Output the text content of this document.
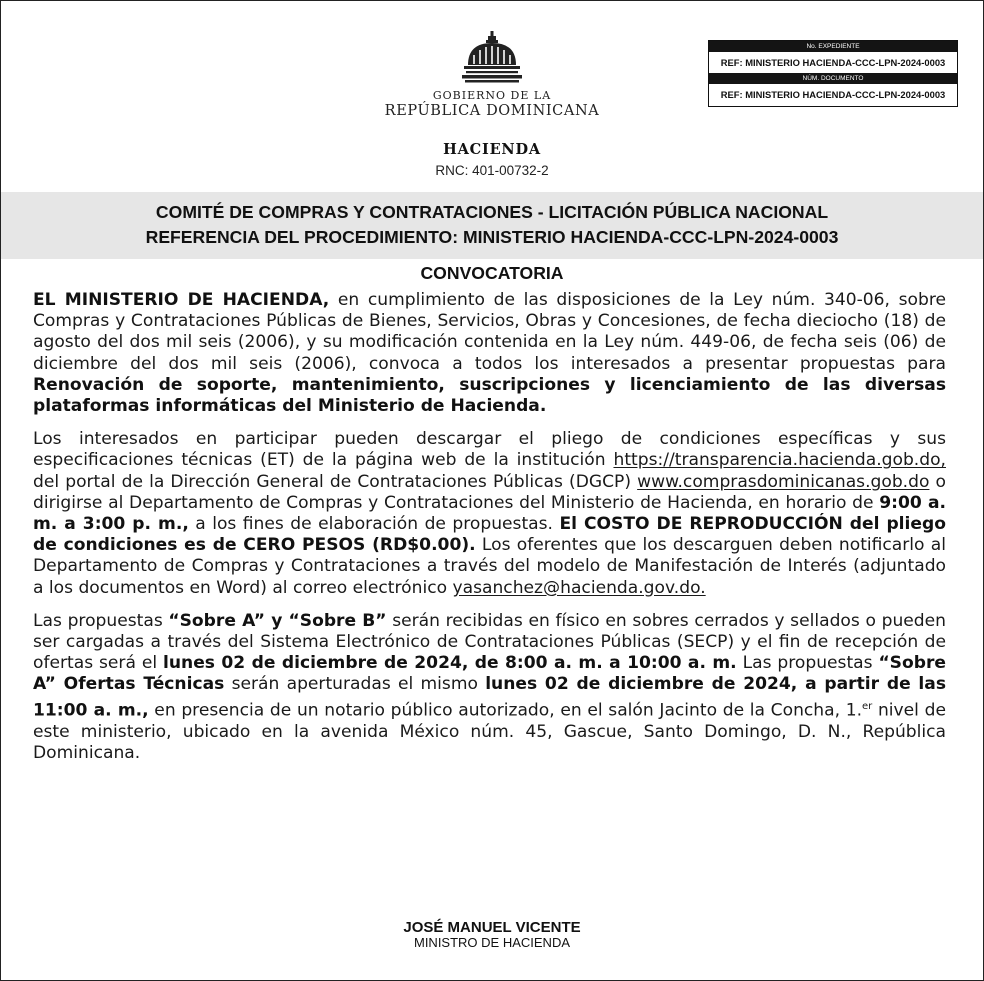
GOBIERNO DE LA
REPÚBLICA DOMINICANA
HACIENDA
RNC: 401-00732-2
No. EXPEDIENTE
REF: MINISTERIO HACIENDA-CCC-LPN-2024-0003
NÚM. DOCUMENTO
REF: MINISTERIO HACIENDA-CCC-LPN-2024-0003
COMITÉ DE COMPRAS Y CONTRATACIONES - LICITACIÓN PÚBLICA NACIONAL
REFERENCIA DEL PROCEDIMIENTO: MINISTERIO HACIENDA-CCC-LPN-2024-0003
CONVOCATORIA

EL MINISTERIO DE HACIENDA, en cumplimiento de las disposiciones de la Ley núm. 340-06, sobre Compras y Contrataciones Públicas de Bienes, Servicios, Obras y Concesiones, de fecha dieciocho (18) de agosto del dos mil seis (2006), y su modificación contenida en la Ley núm. 449-06, de fecha seis (06) de diciembre del dos mil seis (2006), convoca a todos los interesados a presentar propuestas para Renovación de soporte, mantenimiento, suscripciones y licenciamiento de las diversas plataformas informáticas del Ministerio de Hacienda.

Los interesados en participar pueden descargar el pliego de condiciones específicas y sus especificaciones técnicas (ET) de la página web de la institución https://transparencia.hacienda.gob.do, del portal de la Dirección General de Contrataciones Públicas (DGCP) www.comprasdominicanas.gob.do o dirigirse al Departamento de Compras y Contrataciones del Ministerio de Hacienda, en horario de 9:00 a. m. a 3:00 p. m., a los fines de elaboración de propuestas. El COSTO DE REPRODUCCIÓN del pliego de condiciones es de CERO PESOS (RD$0.00). Los oferentes que los descarguen deben notificarlo al Departamento de Compras y Contrataciones a través del modelo de Manifestación de Interés (adjuntado a los documentos en Word) al correo electrónico yasanchez@hacienda.gov.do.

Las propuestas “Sobre A” y “Sobre B” serán recibidas en físico en sobres cerrados y sellados o pueden ser cargadas a través del Sistema Electrónico de Contrataciones Públicas (SECP) y el fin de recepción de ofertas será el lunes 02 de diciembre de 2024, de 8:00 a. m. a 10:00 a. m. Las propuestas “Sobre A” Ofertas Técnicas serán aperturadas el mismo lunes 02 de diciembre de 2024, a partir de las 11:00 a. m., en presencia de un notario público autorizado, en el salón Jacinto de la Concha, 1.$^{er}$ nivel de este ministerio, ubicado en la avenida México núm. 45, Gascue, Santo Domingo, D. N., República Dominicana.

JOSÉ MANUEL VICENTE
MINISTRO DE HACIENDA
